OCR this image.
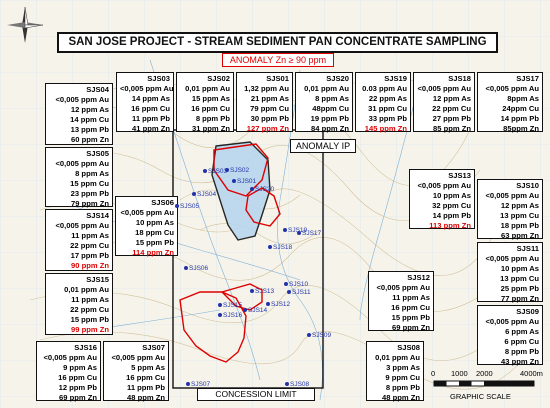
SAN JOSE PROJECT - STREAM SEDIMENT PAN CONCENTRATE SAMPLING
ANOMALY Zn ≥ 90 ppm
ANOMALY IP
CONCESSION LIMIT
SJS04
<0,005 ppm Au
12 ppm As
14 ppm Cu
13 ppm Pb
60 ppm Zn
SJS03
<0,005 ppm Au
14 ppm As
16 ppm Cu
11 ppm Pb
41 ppm Zn
SJS02
0,01 ppm Au
15 ppm As
16 ppm Cu
8 ppm Pb
31 ppm Zn
SJS01
1,32 ppm Au
21 ppm As
79 ppm Cu
30 ppm Pb
127 ppm Zn
SJS20
0,01 ppm Au
8 ppm As
48ppm Cu
19 ppm Pb
84 ppm Zn
SJS19
0.03 ppm Au
22 ppm As
31 ppm Cu
33 ppm Pb
145 ppm Zn
SJS18
<0,005 ppm Au
12 ppm As
22 ppm Cu
27 ppm Pb
85 ppm Zn
SJS17
<0,005 ppm Au
8ppm As
24ppm Cu
14 ppm Pb
85ppm Zn
SJS05
<0,005 ppm Au
8 ppm As
15 ppm Cu
23 ppm Pb
79 ppm Zn	SJS06
<0,005 ppm Au
10 ppm As
18 ppm Cu
15 ppm Pb
114 ppm Zn
SJS13
<0,005 ppm Au
10 ppm As
32 ppm Cu
14 ppm Pb
113 ppm Zn
SJS10
<0,005 ppm Au
12 ppm As
13 ppm Cu
18 ppm Pb
63 ppm Zn
SJS14
<0,005 ppm Au
11 ppm As
22 ppm Cu
17 ppm Pb
90 ppm Zn
SJS11
<0,005 ppm Au
10 ppm As
13 ppm Cu
25 ppm Pb
77 ppm Zn
SJS15
0,01 ppm Au
11 ppm As
22 ppm Cu
15 ppm Pb
99 ppm Zn
SJS12
<0,005 ppm Au
11 ppm As
16 ppm Cu
15 ppm Pb
69 ppm Zn
SJS09
<0,005 ppm Au
6 ppm As
6 ppm Cu
8 ppm Pb
43 ppm Zn
SJS16
<0,005 ppm Au
9 ppm As
16 ppm Cu
12 ppm Pb
69 ppm Zn
SJS07
<0,005 ppm Au
5 ppm As
16 ppm Cu
11 ppm Pb
48 ppm Zn
SJS08
0,01 ppm Au
3 ppm As
9 ppm Cu
8 ppm Pb
48 ppm Zn
SJS01
SJS02
SJS03
SJS04
SJS05
SJS06
SJS07	SJS08
SJS09
SJS10
SJS11
SJS12
SJS13
SJS14
SJS15
SJS16
SJS17
SJS18
SJS19
SJS20
0 1000 2000	4000m
GRAPHIC SCALE
